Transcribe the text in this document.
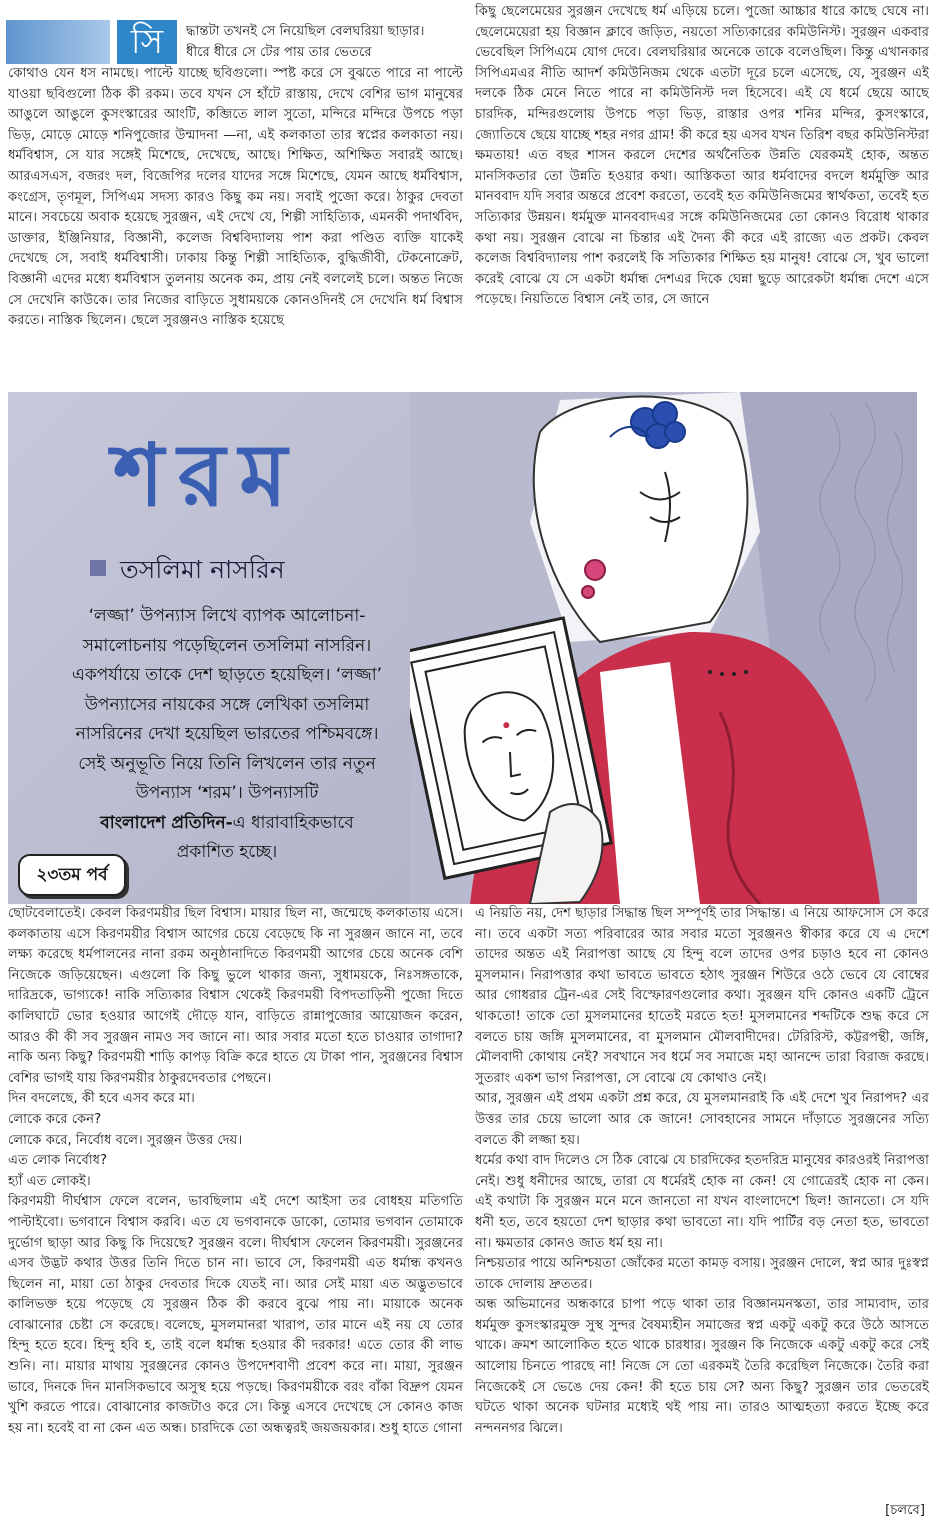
সি	দ্ধান্তটা তখনই সে নিয়েছিল বেলঘরিয়া ছাড়ার।
ধীরে ধীরে সে টের পায় তার ভেতরে

কোথাও যেন ধস নামছে। পাল্টে যাচ্ছে ছবিগুলো। স্পষ্ট করে সে বুঝতে পারে না পাল্টে যাওয়া ছবিগুলো ঠিক কী রকম। তবে যখন সে হাঁটে রাস্তায়, দেখে বেশির ভাগ মানুষের আঙুলে আঙুলে কুসংস্কারের আংটি, কব্জিতে লাল সুতো, মন্দিরে মন্দিরে উপচে পড়া ভিড়, মোড়ে মোড়ে শনিপুজোর উন্মাদনা —না, এই কলকাতা তার স্বপ্নের কলকাতা নয়। ধর্মবিশ্বাস, সে যার সঙ্গেই মিশেছে, দেখেছে, আছে। শিক্ষিত, অশিক্ষিত সবারই আছে। আরএসএস, বজরং দল, বিজেপির দলের যাদের সঙ্গে মিশেছে, যেমন আছে ধর্মবিশ্বাস, কংগ্রেস, তৃণমূল, সিপিএম সদস্য কারও কিছু কম নয়। সবাই পুজো করে। ঠাকুর দেবতা মানে। সবচেয়ে অবাক হয়েছে সুরঞ্জন, এই দেখে যে, শিল্পী সাহিত্যিক, এমনকী পদার্থবিদ, ডাক্তার, ইঞ্জিনিয়ার, বিজ্ঞানী, কলেজ বিশ্ববিদ্যালয় পাশ করা পণ্ডিত ব্যক্তি যাকেই দেখেছে সে, সবাই ধর্মবিশ্বাসী। ঢাকায় কিন্তু শিল্পী সাহিত্যিক, বুদ্ধিজীবী, টেকনোক্রেট, বিজ্ঞানী এদের মধ্যে ধর্মবিশ্বাস তুলনায় অনেক কম, প্রায় নেই বললেই চলে। অন্তত নিজে সে দেখেনি কাউকে। তার নিজের বাড়িতে সুধাময়কে কোনওদিনই সে দেখেনি ধর্ম বিশ্বাস করতে। নাস্তিক ছিলেন। ছেলে সুরঞ্জনও নাস্তিক হয়েছে

কিছু ছেলেমেয়ের সুরঞ্জন দেখেছে ধর্ম এড়িয়ে চলে। পুজো আচ্চার ধারে কাছে ঘেষে না। ছেলেমেয়েরা হয় বিজ্ঞান ক্লাবে জড়িত, নয়তো সত্যিকারের কমিউনিস্ট। সুরঞ্জন একবার ভেবেছিল সিপিএমে যোগ দেবে। বেলঘরিয়ার অনেকে তাকে বলেওছিল। কিন্তু এখানকার সিপিএমএর নীতি আদর্শ কমিউনিজম থেকে এতটা দূরে চলে এসেছে, যে, সুরঞ্জন এই দলকে ঠিক মেনে নিতে পারে না কমিউনিস্ট দল হিসেবে। এই যে ধর্মে ছেয়ে আছে চারদিক, মন্দিরগুলোয় উপচে পড়া ভিড়, রাস্তার ওপর শনির মন্দির, কুসংস্কারে, জ্যোতিষে ছেয়ে যাচ্ছে শহর নগর গ্রাম! কী করে হয় এসব যখন তিরিশ বছর কমিউনিস্টরা ক্ষমতায়! এত বছর শাসন করলে দেশের অর্থনৈতিক উন্নতি যেরকমই হোক, অন্তত মানসিকতার তো উন্নতি হওয়ার কথা। আস্তিকতা আর ধর্মবাদের বদলে ধর্মমুক্তি আর মানববাদ যদি সবার অন্তরে প্রবেশ করতো, তবেই হত কমিউনিজমের স্বার্থকতা, তবেই হত সত্যিকার উন্নয়ন। ধর্মমুক্ত মানববাদএর সঙ্গে কমিউনিজমের তো কোনও বিরোধ থাকার কথা নয়। সুরঞ্জন বোঝে না চিন্তার এই দৈন্য কী করে এই রাজ্যে এত প্রকট। কেবল কলেজ বিশ্ববিদ্যালয় পাশ করলেই কি সত্যিকার শিক্ষিত হয় মানুষ! বোঝে সে, খুব ভালো করেই বোঝে যে সে একটা ধর্মান্ধ দেশএর দিকে ঘেন্না ছুড়ে আরেকটা ধর্মান্ধ দেশে এসে পড়েছে। নিয়তিতে বিশ্বাস নেই তার, সে জানে

শরম
তসলিমা নাসরিন
‘লজ্জা’ উপন্যাস লিখে ব্যাপক আলোচনা-
সমালোচনায় পড়েছিলেন তসলিমা নাসরিন।
একপর্যায়ে তাকে দেশ ছাড়তে হয়েছিল। ‘লজ্জা’
উপন্যাসের নায়কের সঙ্গে লেখিকা তসলিমা
নাসরিনের দেখা হয়েছিল ভারতের পশ্চিমবঙ্গে।
সেই অনুভূতি নিয়ে তিনি লিখলেন তার নতুন
উপন্যাস ‘শরম’। উপন্যাসটি
বাংলাদেশ প্রতিদিন-এ ধারাবাহিকভাবে
প্রকাশিত হচ্ছে।
২৩তম পর্ব

ছোটবেলাতেই। কেবল কিরণময়ীর ছিল বিশ্বাস। মায়ার ছিল না, জন্মেছে কলকাতায় এসে। কলকাতায় এসে কিরণময়ীর বিশ্বাস আগের চেয়ে বেড়েছে কি না সুরঞ্জন জানে না, তবে লক্ষ্য করেছে ধর্মপালনের নানা রকম অনুষ্ঠানাদিতে কিরণময়ী আগের চেয়ে অনেক বেশি নিজেকে জড়িয়েছেন। এগুলো কি কিছু ভুলে থাকার জন্য, সুধাময়কে, নিঃসঙ্গতাকে, দারিদ্রকে, ভাগ্যকে! নাকি সত্যিকার বিশ্বাস থেকেই কিরণময়ী বিপদতাড়িনী পুজো দিতে কালিঘাটে ভোর হওয়ার আগেই দৌড়ে যান, বাড়িতে রান্নাপুজোর আয়োজন করেন, আরও কী কী সব সুরঞ্জন নামও সব জানে না। আর সবার মতো হতে চাওয়ার তাগাদা? নাকি অন্য কিছু? কিরণময়ী শাড়ি কাপড় বিক্রি করে হাতে যে টাকা পান, সুরঞ্জনের বিশ্বাস বেশির ভাগই যায় কিরণময়ীর ঠাকুরদেবতার পেছনে।

দিন বদলেছে, কী হবে এসব করে মা।

লোকে করে কেন?

লোকে করে, নির্বোধ বলে। সুরঞ্জন উত্তর দেয়।

এত লোক নির্বোধ?

হ্যাঁ এত লোকই।

কিরণময়ী দীর্ঘশ্বাস ফেলে বলেন, ভাবছিলাম এই দেশে আইসা তর বোধহয় মতিগতি পাল্টাইবো। ভগবানে বিশ্বাস করবি। এত যে ভগবানকে ডাকো, তোমার ভগবান তোমাকে দুর্ভোগ ছাড়া আর কিছু কি দিয়েছে? সুরঞ্জন বলে। দীর্ঘশ্বাস ফেলেন কিরণময়ী। সুরঞ্জনের এসব উদ্ভট কথার উত্তর তিনি দিতে চান না। ভাবে সে, কিরণময়ী এত ধর্মান্ধ কখনও ছিলেন না, মায়া তো ঠাকুর দেবতার দিকে যেতই না। আর সেই মায়া এত অদ্ভুতভাবে কালিভক্ত হয়ে পড়েছে যে সুরঞ্জন ঠিক কী করবে বুঝে পায় না। মায়াকে অনেক বোঝানোর চেষ্টা সে করেছে। বলেছে, মুসলমানরা খারাপ, তার মানে এই নয় যে তোর হিন্দু হতে হবে। হিন্দু হবি হ, তাই বলে ধর্মান্ধ হওয়ার কী দরকার! এতে তোর কী লাভ শুনি। না। মায়ার মাথায় সুরঞ্জনের কোনও উপদেশবাণী প্রবেশ করে না। মায়া, সুরঞ্জন ভাবে, দিনকে দিন মানসিকভাবে অসুস্থ হয়ে পড়ছে। কিরণময়ীকে বরং বাঁকা বিদ্রুপ যেমন খুশি করতে পারে। বোঝানোর কাজটাও করে সে। কিন্তু এসবে দেখেছে সে কোনও কাজ হয় না। হবেই বা না কেন এত অন্ধ। চারদিকে তো অন্ধত্বরই জয়জয়কার। শুধু হাতে গোনা

এ নিয়তি নয়, দেশ ছাড়ার সিদ্ধান্ত ছিল সম্পূর্ণই তার সিদ্ধান্ত। এ নিয়ে আফসোস সে করে না। তবে একটা সত্য পরিবারের আর সবার মতো সুরঞ্জনও স্বীকার করে যে এ দেশে তাদের অন্তত এই নিরাপত্তা আছে যে হিন্দু বলে তাদের ওপর চড়াও হবে না কোনও মুসলমান। নিরাপত্তার কথা ভাবতে ভাবতে হঠাৎ সুরঞ্জন শিউরে ওঠে ভেবে যে বোম্বের আর গোধরার ট্রেন-এর সেই বিস্ফোরণগুলোর কথা। সুরঞ্জন যদি কোনও একটি ট্রেনে থাকতো! তাকে তো মুসলমানের হাতেই মরতে হত! মুসলমানের শব্দটিকে শুদ্ধ করে সে বলতে চায় জঙ্গি মুসলমানের, বা মুসলমান মৌলবাদীদের। টেরিরিস্ট, কট্টরপন্থী, জঙ্গি, মৌলবাদী কোথায় নেই? সবখানে সব ধর্মে সব সমাজে মহা আনন্দে তারা বিরাজ করছে। সুতরাং একশ ভাগ নিরাপত্তা, সে বোঝে যে কোথাও নেই।

আর, সুরঞ্জন এই প্রথম একটা প্রশ্ন করে, যে মুসলমানরাই কি এই দেশে খুব নিরাপদ? এর উত্তর তার চেয়ে ভালো আর কে জানে! সোবহানের সামনে দাঁড়াতে সুরঞ্জনের সত্যি বলতে কী লজ্জা হয়।

ধর্মের কথা বাদ দিলেও সে ঠিক বোঝে যে চারদিকের হতদরিদ্র মানুষের কারওরই নিরাপত্তা নেই। শুধু ধনীদের আছে, তারা যে ধর্মেরই হোক না কেন! যে গোত্রেরই হোক না কেন। এই কথাটা কি সুরঞ্জন মনে মনে জানতো না যখন বাংলাদেশে ছিল! জানতো। সে যদি ধনী হত, তবে হয়তো দেশ ছাড়ার কথা ভাবতো না। যদি পার্টির বড় নেতা হত, ভাবতো না। ক্ষমতার কোনও জাত ধর্ম হয় না।

নিশ্চয়তার পায়ে অনিশ্চয়তা জোঁকের মতো কামড় বসায়। সুরঞ্জন দোলে, স্বপ্ন আর দুঃস্বপ্ন তাকে দোলায় দ্রুততর।

অন্ধ অভিমানের অন্ধকারে চাপা পড়ে থাকা তার বিজ্ঞানমনস্কতা, তার সাম্যবাদ, তার ধর্মমুক্ত কুসংস্কারমুক্ত সুস্থ সুন্দর বৈষম্যহীন সমাজের স্বপ্ন একটু একটু করে উঠে আসতে থাকে। ক্রমশ আলোকিত হতে থাকে চারধার। সুরঞ্জন কি নিজেকে একটু একটু করে সেই আলোয় চিনতে পারছে না! নিজে সে তো এরকমই তৈরি করেছিল নিজেকে। তৈরি করা নিজেকেই সে ভেঙে দেয় কেন! কী হতে চায় সে? অন্য কিছু? সুরঞ্জন তার ভেতরেই ঘটতে থাকা অনেক ঘটনার মধ্যেই থই পায় না। তারও আত্মহত্যা করতে ইচ্ছে করে নন্দননগর ঝিলে।

[চলবে]
